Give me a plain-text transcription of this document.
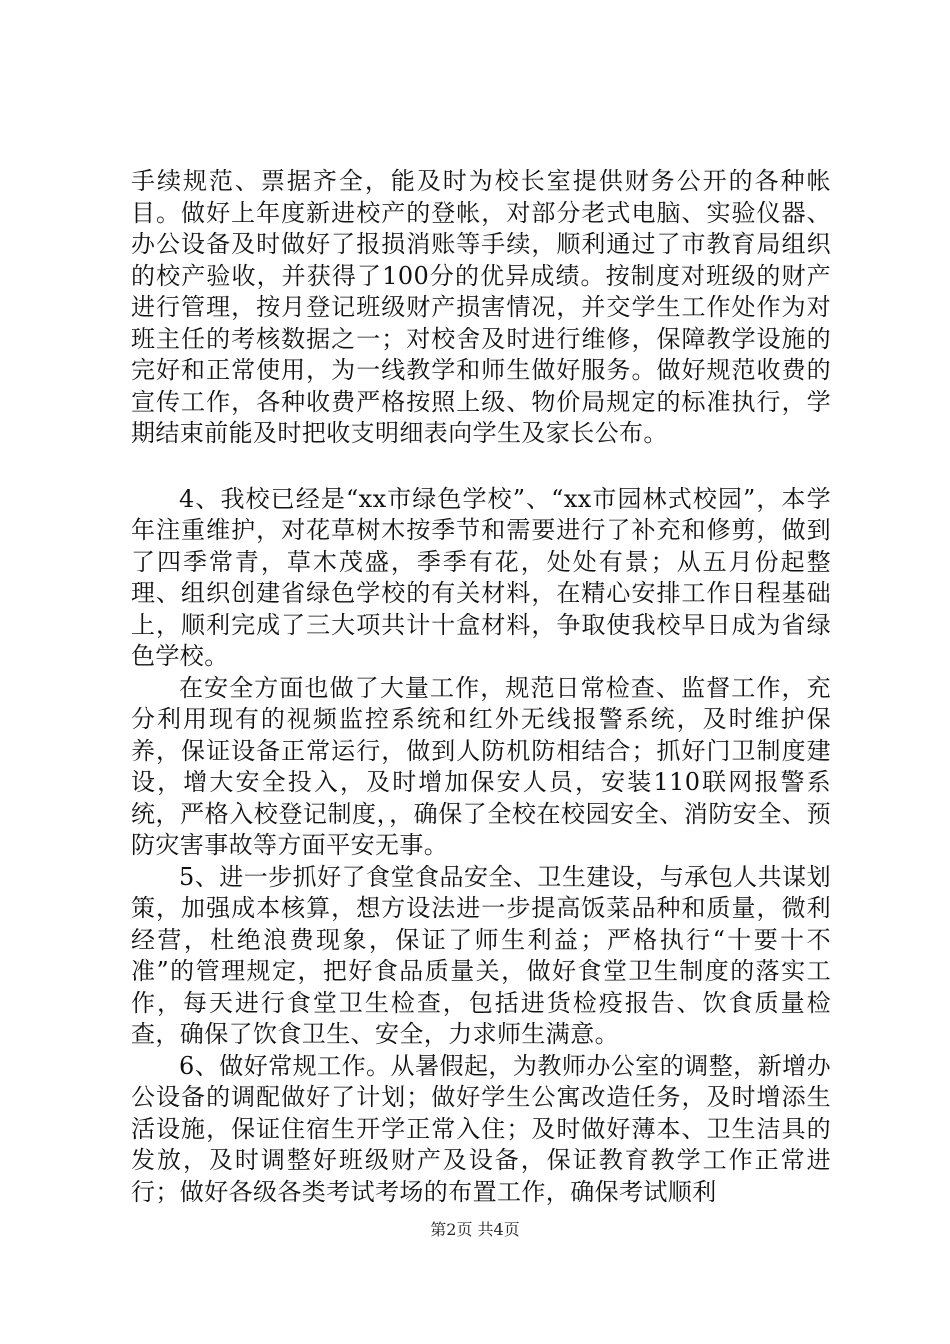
手续规范、票据齐全，能及时为校长室提供财务公开的各种帐目。做好上年度新进校产的登帐，对部分老式电脑、实验仪器、办公设备及时做好了报损消账等手续，顺利通过了市教育局组织的校产验收，并获得了100分的优异成绩。按制度对班级的财产进行管理，按月登记班级财产损害情况，并交学生工作处作为对班主任的考核数据之一；对校舍及时进行维修，保障教学设施的完好和正常使用，为一线教学和师生做好服务。做好规范收费的宣传工作，各种收费严格按照上级、物价局规定的标准执行，学期结束前能及时把收支明细表向学生及家长公布。

4、我校已经是“xx市绿色学校”、“xx市园林式校园”，本学年注重维护，对花草树木按季节和需要进行了补充和修剪，做到了四季常青，草木茂盛，季季有花，处处有景；从五月份起整理、组织创建省绿色学校的有关材料，在精心安排工作日程基础上，顺利完成了三大项共计十盒材料，争取使我校早日成为省绿色学校。

在安全方面也做了大量工作，规范日常检查、监督工作，充分利用现有的视频监控系统和红外无线报警系统，及时维护保养，保证设备正常运行，做到人防机防相结合；抓好门卫制度建设，增大安全投入，及时增加保安人员，安装110联网报警系统，严格入校登记制度，，确保了全校在校园安全、消防安全、预防灾害事故等方面平安无事。

5、进一步抓好了食堂食品安全、卫生建设，与承包人共谋划策，加强成本核算，想方设法进一步提高饭菜品种和质量，微利经营，杜绝浪费现象，保证了师生利益；严格执行“十要十不准”的管理规定，把好食品质量关，做好食堂卫生制度的落实工作，每天进行食堂卫生检查，包括进货检疫报告、饮食质量检查，确保了饮食卫生、安全，力求师生满意。

6、做好常规工作。从暑假起，为教师办公室的调整，新增办公设备的调配做好了计划；做好学生公寓改造任务，及时增添生活设施，保证住宿生开学正常入住；及时做好薄本、卫生洁具的发放，及时调整好班级财产及设备，保证教育教学工作正常进行；做好各级各类考试考场的布置工作，确保考试顺利

第2页 共4页
